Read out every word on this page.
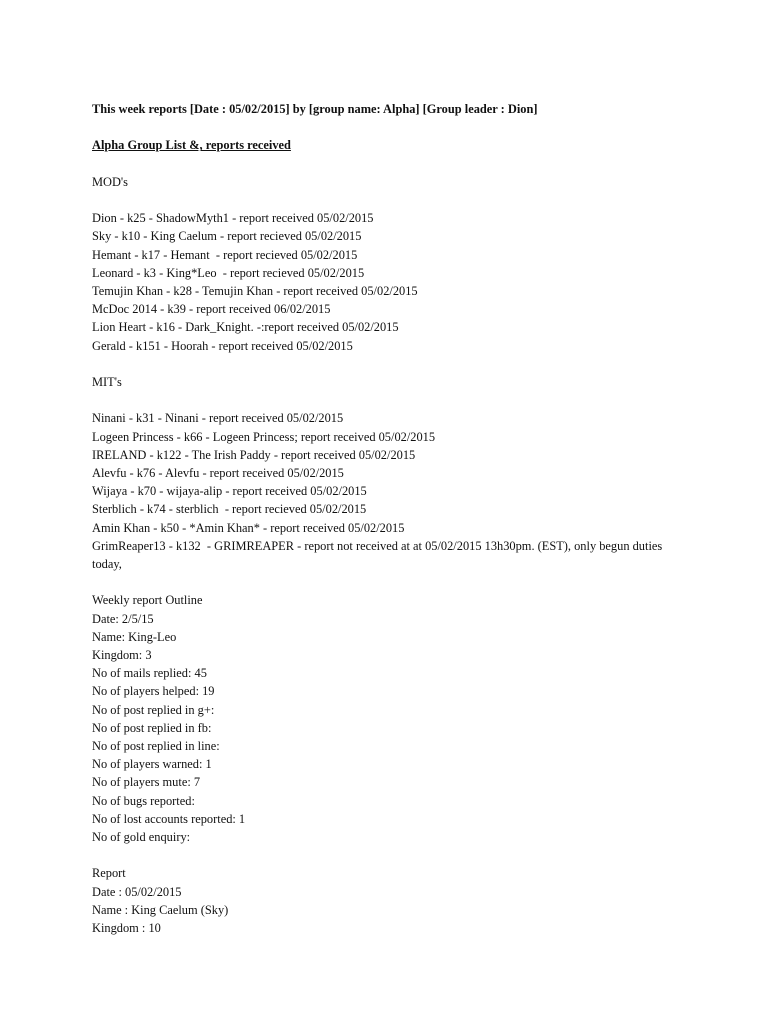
This week reports [Date : 05/02/2015] by [group name: Alpha] [Group leader : Dion]

Alpha Group List &, reports received

MOD's

Dion - k25 - ShadowMyth1 - report received 05/02/2015

Sky - k10 - King Caelum - report recieved 05/02/2015

Hemant - k17 - Hemant  - report recieved 05/02/2015

Leonard - k3 - King*Leo  - report recieved 05/02/2015

Temujin Khan - k28 - Temujin Khan - report received 05/02/2015

McDoc 2014 - k39 - report received 06/02/2015

Lion Heart - k16 - Dark_Knight. -:report received 05/02/2015

Gerald - k151 - Hoorah - report received 05/02/2015

MIT's

Ninani - k31 - Ninani - report received 05/02/2015

Logeen Princess - k66 - Logeen Princess; report received 05/02/2015

IRELAND - k122 - The Irish Paddy - report received 05/02/2015

Alevfu - k76 - Alevfu - report received 05/02/2015

Wijaya - k70 - wijaya-alip - report received 05/02/2015

Sterblich - k74 - sterblich  - report recieved 05/02/2015

Amin Khan - k50 - *Amin Khan* - report received 05/02/2015

GrimReaper13 - k132  - GRIMREAPER - report not received at at 05/02/2015 13h30pm. (EST), only begun duties today,

Weekly report Outline

Date: 2/5/15

Name: King-Leo

Kingdom: 3

No of mails replied: 45

No of players helped: 19

No of post replied in g+:

No of post replied in fb:

No of post replied in line:

No of players warned: 1

No of players mute: 7

No of bugs reported:

No of lost accounts reported: 1

No of gold enquiry:

Report

Date : 05/02/2015

Name : King Caelum (Sky)

Kingdom : 10
